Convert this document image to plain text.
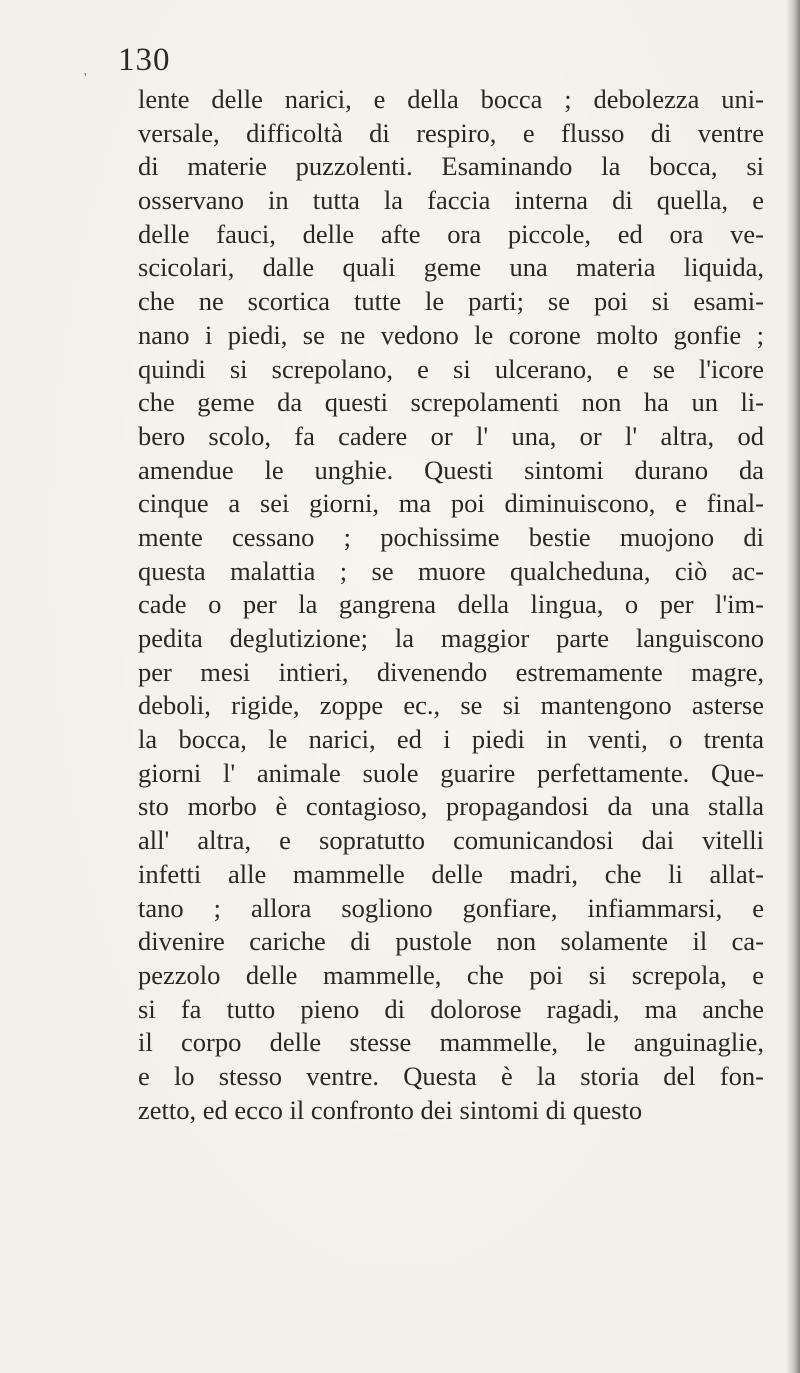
'
130
lente delle narici, e della bocca ; debolezza uni-
versale, difficoltà di respiro, e flusso di ventre
di materie puzzolenti. Esaminando la bocca, si
osservano in tutta la faccia interna di quella, e
delle fauci, delle afte ora piccole, ed ora ve-
scicolari, dalle quali geme una materia liquida,
che ne scortica tutte le parti; se poi si esami-
nano i piedi, se ne vedono le corone molto gonfie ;
quindi si screpolano, e si ulcerano, e se l'icore
che geme da questi screpolamenti non ha un li-
bero scolo, fa cadere or l' una, or l' altra, od
amendue le unghie. Questi sintomi durano da
cinque a sei giorni, ma poi diminuiscono, e final-
mente cessano ; pochissime bestie muojono di
questa malattia ; se muore qualcheduna, ciò ac-
cade o per la gangrena della lingua, o per l'im-
pedita deglutizione; la maggior parte languiscono
per mesi intieri, divenendo estremamente magre,
deboli, rigide, zoppe ec., se si mantengono asterse
la bocca, le narici, ed i piedi in venti, o trenta
giorni l' animale suole guarire perfettamente. Que-
sto morbo è contagioso, propagandosi da una stalla
all' altra, e sopratutto comunicandosi dai vitelli
infetti alle mammelle delle madri, che li allat-
tano ; allora sogliono gonfiare, infiammarsi, e
divenire cariche di pustole non solamente il ca-
pezzolo delle mammelle, che poi si screpola, e
si fa tutto pieno di dolorose ragadi, ma anche
il corpo delle stesse mammelle, le anguinaglie,
e lo stesso ventre. Questa è la storia del fon-
zetto, ed ecco il confronto dei sintomi di questo
